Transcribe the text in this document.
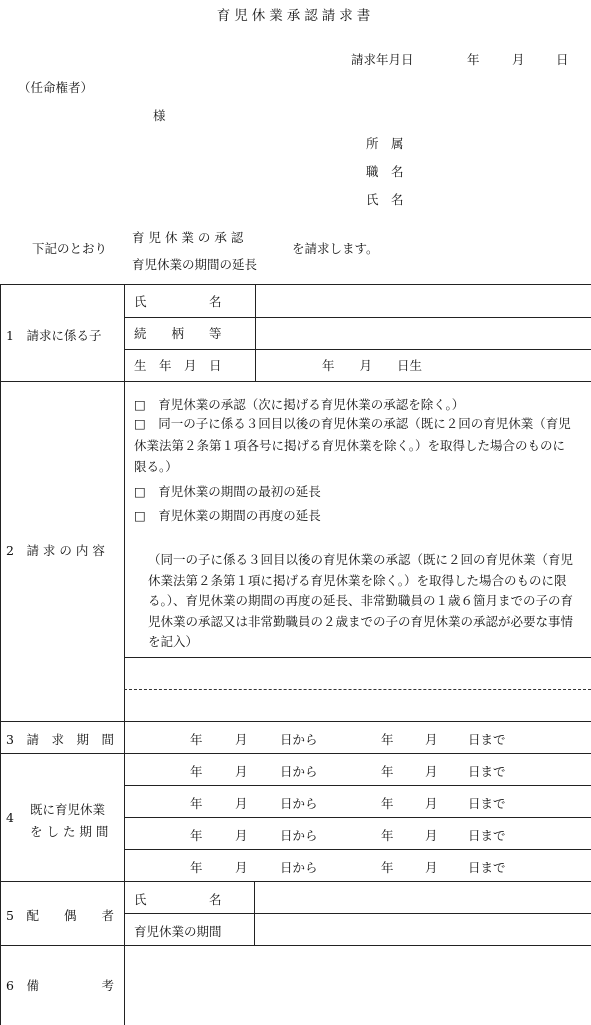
育児休業承認請求書
請求年月日	年	月	日
（任命権者）
様
所　属
職　名
氏　名
下記のとおり
育 児 休 業 の 承 認
育児休業の期間の延長
を請求します。
1　請求に係る子
氏　　　　　名
続　　柄　　等
生　年　月　日	年　　月　　日生
2　請 求 の 内 容
□　育児休業の承認（次に掲げる育児休業の承認を除く。）
□　同一の子に係る３回目以後の育児休業の承認（既に２回の育児休業（育児休業法第２条第１項各号に掲げる育児休業を除く。）を取得した場合のものに限る。）
□　育児休業の期間の最初の延長
□　育児休業の期間の再度の延長
（同一の子に係る３回目以後の育児休業の承認（既に２回の育児休業（育児休業法第２条第１項に掲げる育児休業を除く。）を取得した場合のものに限る。）、育児休業の期間の再度の延長、非常勤職員の１歳６箇月までの子の育児休業の承認又は非常勤職員の２歳までの子の育児休業の承認が必要な事情を記入）
3　請　求　期　間	年	月	日から	年	月 日まで
4
既に育児休業
を し た 期 間
年	月	日から	年	月 日まで
年	月	日から	年	月 日まで
年	月	日から	年	月 日まで
年	月	日から	年	月 日まで
5　配　　偶　　者
氏　　　　　名
育児休業の期間
6　備　　　　　考
